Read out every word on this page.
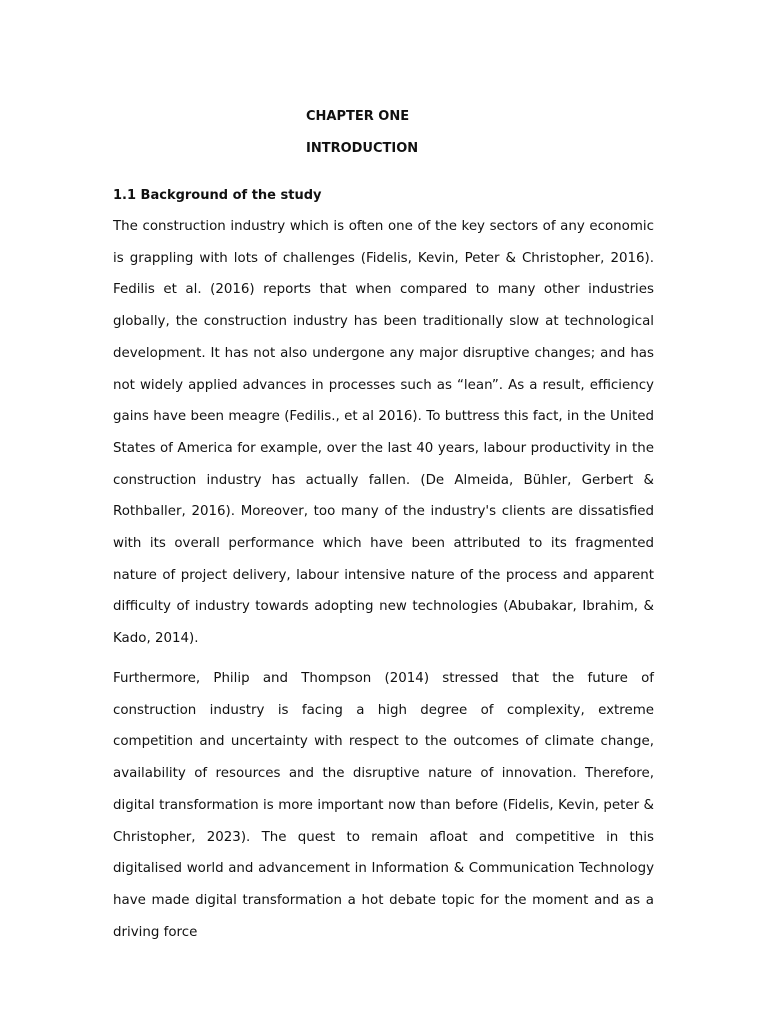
CHAPTER ONE
INTRODUCTION
1.1 Background of the study

The construction industry which is often one of the key sectors of any economic is grappling with lots of challenges (Fidelis, Kevin, Peter & Christopher, 2016). Fedilis et al. (2016) reports that when compared to many other industries globally, the construction industry has been traditionally slow at technological development. It has not also undergone any major disruptive changes; and has not widely applied advances in processes such as “lean”. As a result, efficiency gains have been meagre (Fedilis., et al 2016). To buttress this fact, in the United States of America for example, over the last 40 years, labour productivity in the construction industry has actually fallen. (De Almeida, Bühler, Gerbert & Rothballer, 2016). Moreover, too many of the industry's clients are dissatisfied with its overall performance which have been attributed to its fragmented nature of project delivery, labour intensive nature of the process and apparent difficulty of industry towards adopting new technologies (Abubakar, Ibrahim, & Kado, 2014).

Furthermore, Philip and Thompson (2014) stressed that the future of construction industry is facing a high degree of complexity, extreme competition and uncertainty with respect to the outcomes of climate change, availability of resources and the disruptive nature of innovation. Therefore, digital transformation is more important now than before (Fidelis, Kevin, peter & Christopher, 2023). The quest to remain afloat and competitive in this digitalised world and advancement in Information & Communication Technology have made digital transformation a hot debate topic for the moment and as a driving force
